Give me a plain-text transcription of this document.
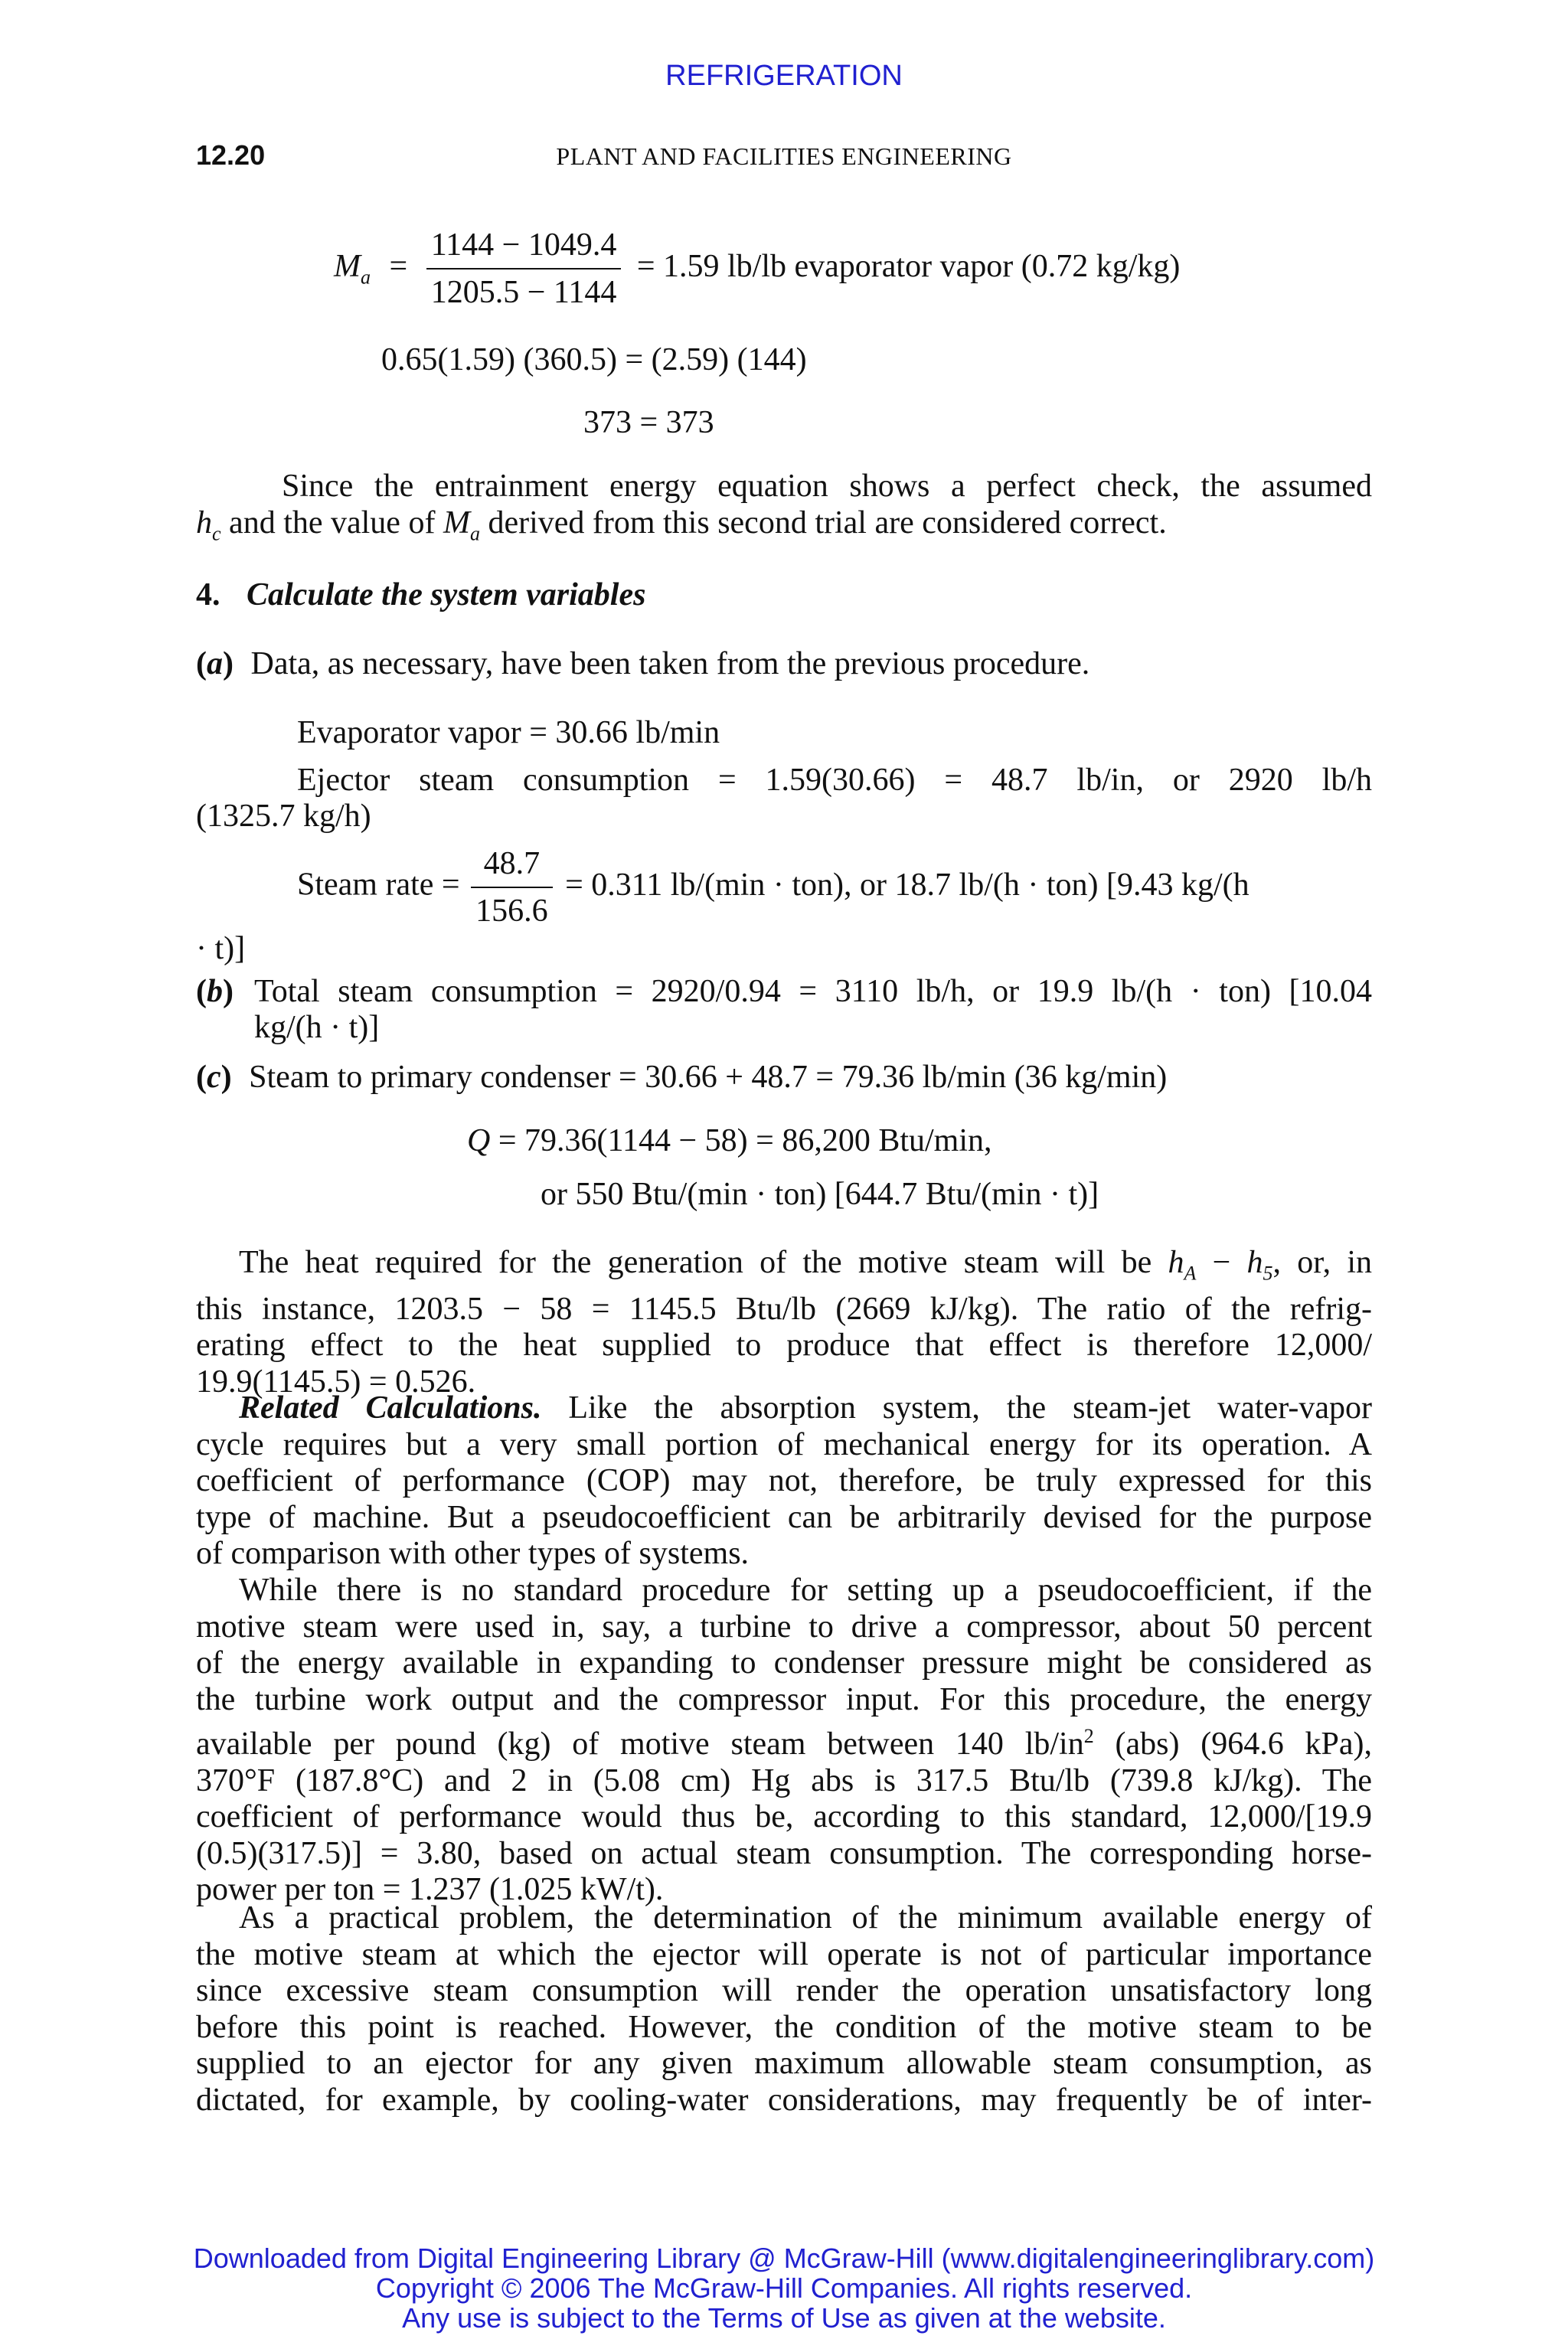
REFRIGERATION
12.20	PLANT AND FACILITIES ENGINEERING
$M_a = \frac{1144 - 1049.4}{1205.5 - 1144} = 1.59$ lb/lb evaporator vapor (0.72 kg/kg)
0.65(1.59) (360.5) = (2.59) (144)
373 = 373
Since the entrainment energy equation shows a perfect check, the assumed
$h_c$ and the value of $M_a$ derived from this second trial are considered correct.
4. Calculate the system variables
(a) Data, as necessary, have been taken from the previous procedure.
Evaporator vapor = 30.66 lb/min
Ejector steam consumption = 1.59(30.66) = 48.7 lb/in, or 2920 lb/h
(1325.7 kg/h)
Steam rate = $\frac{48.7}{156.6} = 0.311$ lb/(min · ton), or 18.7 lb/(h · ton) [9.43 kg/(h
· t)]
(b) Total steam consumption = 2920/0.94 = 3110 lb/h, or 19.9 lb/(h · ton) [10.04
kg/(h · t)]
(c) Steam to primary condenser = 30.66 + 48.7 = 79.36 lb/min (36 kg/min)
Q = 79.36(1144 − 58) = 86,200 Btu/min,
or 550 Btu/(min · ton) [644.7 Btu/(min · t)]
The heat required for the generation of the motive steam will be $h_A - h_5$, or, in
this instance, 1203.5 − 58 = 1145.5 Btu/lb (2669 kJ/kg). The ratio of the refrig-
erating effect to the heat supplied to produce that effect is therefore 12,000/
19.9(1145.5) = 0.526.
Related Calculations. Like the absorption system, the steam-jet water-vapor
cycle requires but a very small portion of mechanical energy for its operation. A
coefficient of performance (COP) may not, therefore, be truly expressed for this
type of machine. But a pseudocoefficient can be arbitrarily devised for the purpose
of comparison with other types of systems.
While there is no standard procedure for setting up a pseudocoefficient, if the
motive steam were used in, say, a turbine to drive a compressor, about 50 percent
of the energy available in expanding to condenser pressure might be considered as
the turbine work output and the compressor input. For this procedure, the energy
available per pound (kg) of motive steam between 140 $lb/in^2$ (abs) (964.6 kPa),
370°F (187.8°C) and 2 in (5.08 cm) Hg abs is 317.5 Btu/lb (739.8 kJ/kg). The
coefficient of performance would thus be, according to this standard, 12,000/[19.9
(0.5)(317.5)] = 3.80, based on actual steam consumption. The corresponding horse-
power per ton = 1.237 (1.025 kW/t).
As a practical problem, the determination of the minimum available energy of
the motive steam at which the ejector will operate is not of particular importance
since excessive steam consumption will render the operation unsatisfactory long
before this point is reached. However, the condition of the motive steam to be
supplied to an ejector for any given maximum allowable steam consumption, as
dictated, for example, by cooling-water considerations, may frequently be of inter-
Downloaded from Digital Engineering Library @ McGraw-Hill (www.digitalengineeringlibrary.com)
Copyright © 2006 The McGraw-Hill Companies. All rights reserved.
Any use is subject to the Terms of Use as given at the website.
